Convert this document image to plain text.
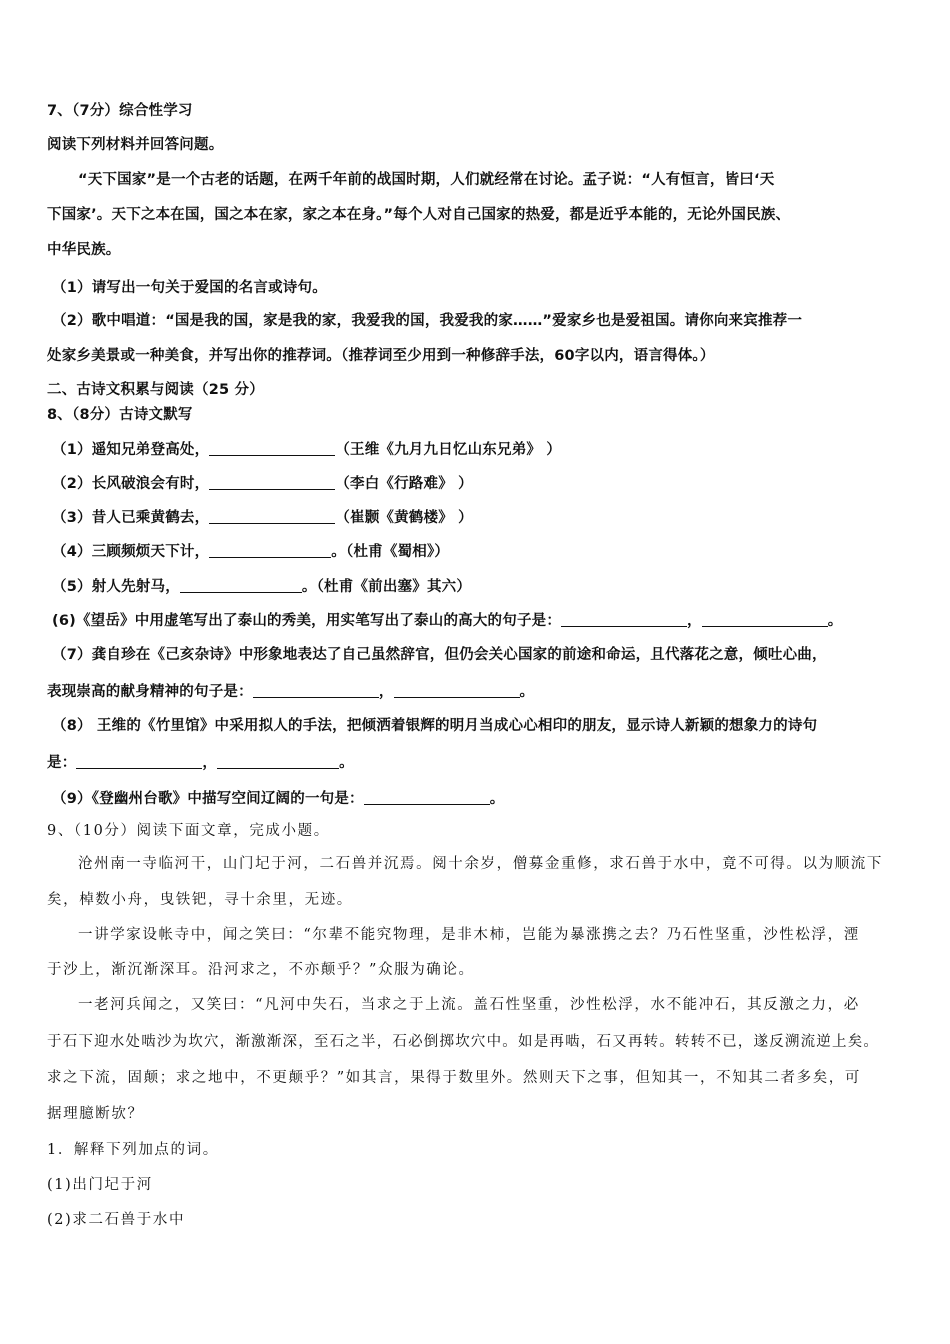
7、（7分）综合性学习
阅读下列材料并回答问题。
“天下国家”是一个古老的话题，在两千年前的战国时期，人们就经常在讨论。孟子说：“人有恒言，皆曰‘天
下国家’。天下之本在国，国之本在家，家之本在身。”每个人对自己国家的热爱，都是近乎本能的，无论外国民族、
中华民族。
（1）请写出一句关于爱国的名言或诗句。
（2）歌中唱道：“国是我的国，家是我的家，我爱我的国，我爱我的家……”爱家乡也是爱祖国。请你向来宾推荐一
处家乡美景或一种美食，并写出你的推荐词。（推荐词至少用到一种修辞手法，60字以内，语言得体。）
二、古诗文积累与阅读（25 分）
8、（8分）古诗文默写
（1）遥知兄弟登高处，	（王维《九月九日忆山东兄弟》 ）
（2）长风破浪会有时，	（李白《行路难》 ）
（3）昔人已乘黄鹤去，	（崔颢《黄鹤楼》 ）
（4）三顾频烦天下计，	。（杜甫《蜀相》）
（5）射人先射马，	。（杜甫《前出塞》其六）
(6)《望岳》中用虚笔写出了泰山的秀美，用实笔写出了泰山的高大的句子是：	，	。
（7）龚自珍在《己亥杂诗》中形象地表达了自己虽然辞官，但仍会关心国家的前途和命运，且代落花之意，倾吐心曲，
表现崇高的献身精神的句子是：	，	。
（8） 王维的《竹里馆》中采用拟人的手法，把倾洒着银辉的明月当成心心相印的朋友，显示诗人新颖的想象力的诗句
是：	，	。
（9）《登幽州台歌》中描写空间辽阔的一句是：	。
9、（10分）阅读下面文章，完成小题。
沧州南一寺临河干，山门圮于河，二石兽并沉焉。阅十余岁，僧募金重修，求石兽于水中，竟不可得。以为顺流下
矣，棹数小舟，曳铁钯，寻十余里，无迹。
一讲学家设帐寺中，闻之笑曰：“尔辈不能究物理，是非木柿，岂能为暴涨携之去？乃石性坚重，沙性松浮，湮
于沙上，渐沉渐深耳。沿河求之，不亦颠乎？”众服为确论。
一老河兵闻之，又笑曰：“凡河中失石，当求之于上流。盖石性坚重，沙性松浮，水不能冲石，其反激之力，必
于石下迎水处啮沙为坎穴，渐激渐深，至石之半，石必倒掷坎穴中。如是再啮，石又再转。转转不已，遂反溯流逆上矣。
求之下流，固颠；求之地中，不更颠乎？”如其言，果得于数里外。然则天下之事，但知其一，不知其二者多矣，可
据理臆断欤？
1．解释下列加点的词。
(1)出门圮于河
(2)求二石兽于水中
